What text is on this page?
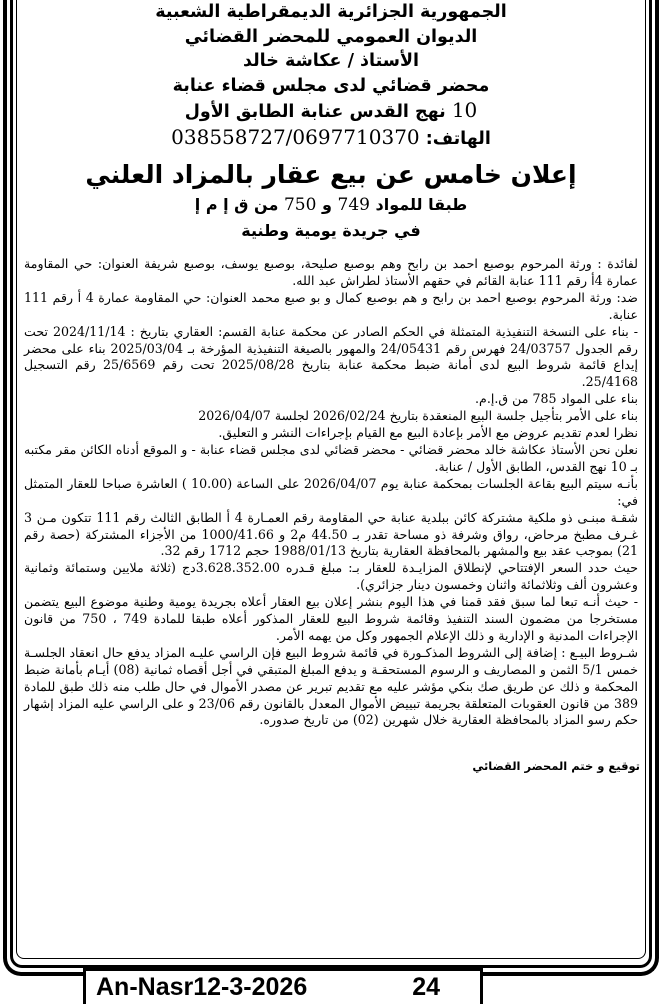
الجمهورية الجزائرية الديمقراطية الشعبية

الديوان العمومي للمحضر القضائي

الأستاذ / عكاشة خالد

محضر قضائي لدى مجلس قضاء عنابة

10 نهج القدس عنابة الطابق الأول

الهاتف: 038558727/0697710370

إعلان خامس عن بيع عقار بالمزاد العلني
طبقا للمواد 749 و 750 من ق إ م إ
في جريدة يومية وطنية

لفائدة : ورثة المرحوم بوصبع احمد بن رابح وهم بوصبع صليحة، بوصبع يوسف، بوصبع شريفة العنوان: حي المقاومة عمارة 4أ رقم 111 عنابة القائم في حقهم الأستاذ لطراش عبد الله.

ضد: ورثة المرحوم بوصبع احمد بن رابح و هم بوصبع كمال و بو صبع محمد العنوان: حي المقاومة عمارة 4 أ رقم 111 عنابة.

- بناء على النسخة التنفيذية المتمثلة في الحكم الصادر عن محكمة عنابة القسم: العقاري بتاريخ : 2024/11/14 تحت رقم الجدول 24/03757 فهرس رقم 24/05431 والمهور بالصيغة التنفيذية المؤرخة بـ 2025/03/04 بناء على محضر إيداع قائمة شروط البيع لدى أمانة ضبط محكمة عنابة بتاريخ 2025/08/28 تحت رقم 25/6569 رقم التسجيل 25/4168.

بناء على المواد 785 من ق.إ.م.

بناء على الأمر بتأجيل جلسة البيع المنعقدة بتاريخ 2026/02/24 لجلسة 2026/04/07

نظرا لعدم تقديم عروض مع الأمر بإعادة البيع مع القيام بإجراءات النشر و التعليق.

نعلن نحن الأستاذ عكاشة خالد محضر قضائي - محضر قضائي لدى مجلس قضاء عنابة - و الموقع أدناه الكائن مقر مكتبه بـ 10 نهج القدس، الطابق الأول / عنابة.

بأنـه سيتم البيع بقاعة الجلسات بمحكمة عنابة يوم 2026/04/07 على الساعة (10.00 ) العاشرة صباحا للعقار المتمثل في:

شقـة مبنـى ذو ملكية مشتركة كائن ببلدية عنابة حي المقاومة رقم العمـارة 4 أ الطابق الثالث رقم 111 تتكون مـن 3 غـرف مطبخ مرحاض، رواق وشرفة ذو مساحة تقدر بـ 44.50 م2 و 1000/41.66 من الأجزاء المشتركة (حصة رقم 21) بموجب عقد بيع والمشهر بالمحافظة العقارية بتاريخ 1988/01/13 حجم 1712 رقم 32.

حيث حدد السعر الإفتتاحي لإنطلاق المزايـدة للعقار بـ: مبلغ قـدره 3.628.352.00دج (ثلاثة ملايين وستمائة وثمانية وعشرون ألف وثلاثمائة واثنان وخمسون دينار جزائري).

- حيث أنـه تبعا لما سبق فقد قمنا في هذا اليوم بنشر إعلان بيع العقار أعلاه بجريدة يومية وطنية موضوع البيع يتضمن مستخرجا من مضمون السند التنفيذ وقائمة شروط البيع للعقار المذكور أعلاه طبقا للمادة 749 ، 750 من قانون الإجراءات المدنية و الإدارية و ذلك الإعلام الجمهور وكل من يهمه الأمر.

شـروط البيـع : إضافة إلى الشروط المذكـورة في قائمة شروط البيع فإن الراسي عليـه المزاد يدفع حال انعقاد الجلسـة خمس 5/1 الثمن و المصاريف و الرسوم المستحقـة و يدفع المبلغ المتبقي في أجل أقصاه ثمانية (08) أيـام بأمانة ضبط المحكمة و ذلك عن طريق صك بنكي مؤشر عليه مع تقديم تبرير عن مصدر الأموال في حال طلب منه ذلك طبق للمادة 389 من قانون العقوبات المتعلقة بجريمة تبييض الأموال المعدل بالقانون رقم 23/06 و على الراسي عليه المزاد إشهار حكم رسو المزاد بالمحافظة العقارية خلال شهرين (02) من تاريخ صدوره.

توقيع و ختم المحضر القضائي
An-Nasr12-3-2026	24
